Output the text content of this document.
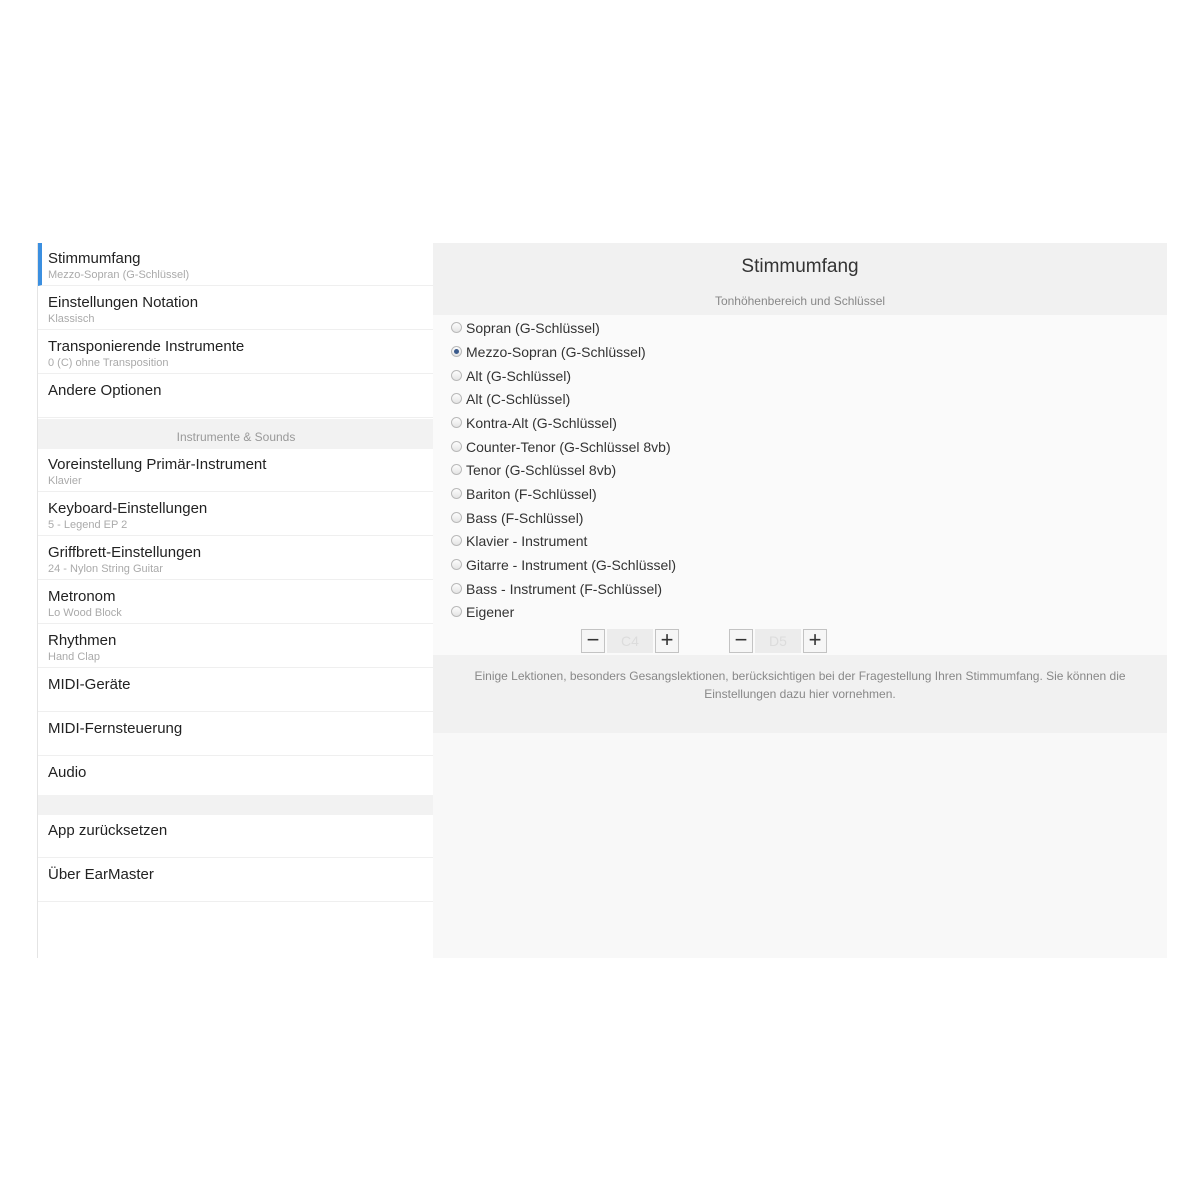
Stimmumfang
Mezzo-Sopran (G-Schlüssel)
Einstellungen Notation
Klassisch
Transponierende Instrumente
0 (C) ohne Transposition
Andere Optionen
Instrumente & Sounds
Voreinstellung Primär-Instrument
Klavier
Keyboard-Einstellungen
5 - Legend EP 2
Griffbrett-Einstellungen
24 - Nylon String Guitar
Metronom
Lo Wood Block
Rhythmen
Hand Clap
MIDI-Geräte
MIDI-Fernsteuerung
Audio
App zurücksetzen
Über EarMaster
Stimmumfang
Tonhöhenbereich und Schlüssel
Sopran (G-Schlüssel)
Mezzo-Sopran (G-Schlüssel)
Alt (G-Schlüssel)
Alt (C-Schlüssel)
Kontra-Alt (G-Schlüssel)
Counter-Tenor (G-Schlüssel 8vb)
Tenor (G-Schlüssel 8vb)
Bariton (F-Schlüssel)
Bass (F-Schlüssel)
Klavier - Instrument
Gitarre - Instrument (G-Schlüssel)
Bass - Instrument (F-Schlüssel)
Eigener
−	C4 +	−	D5 +

Einige Lektionen, besonders Gesangslektionen, berücksichtigen bei der Fragestellung Ihren Stimmumfang. Sie können die Einstellungen dazu hier vornehmen.
